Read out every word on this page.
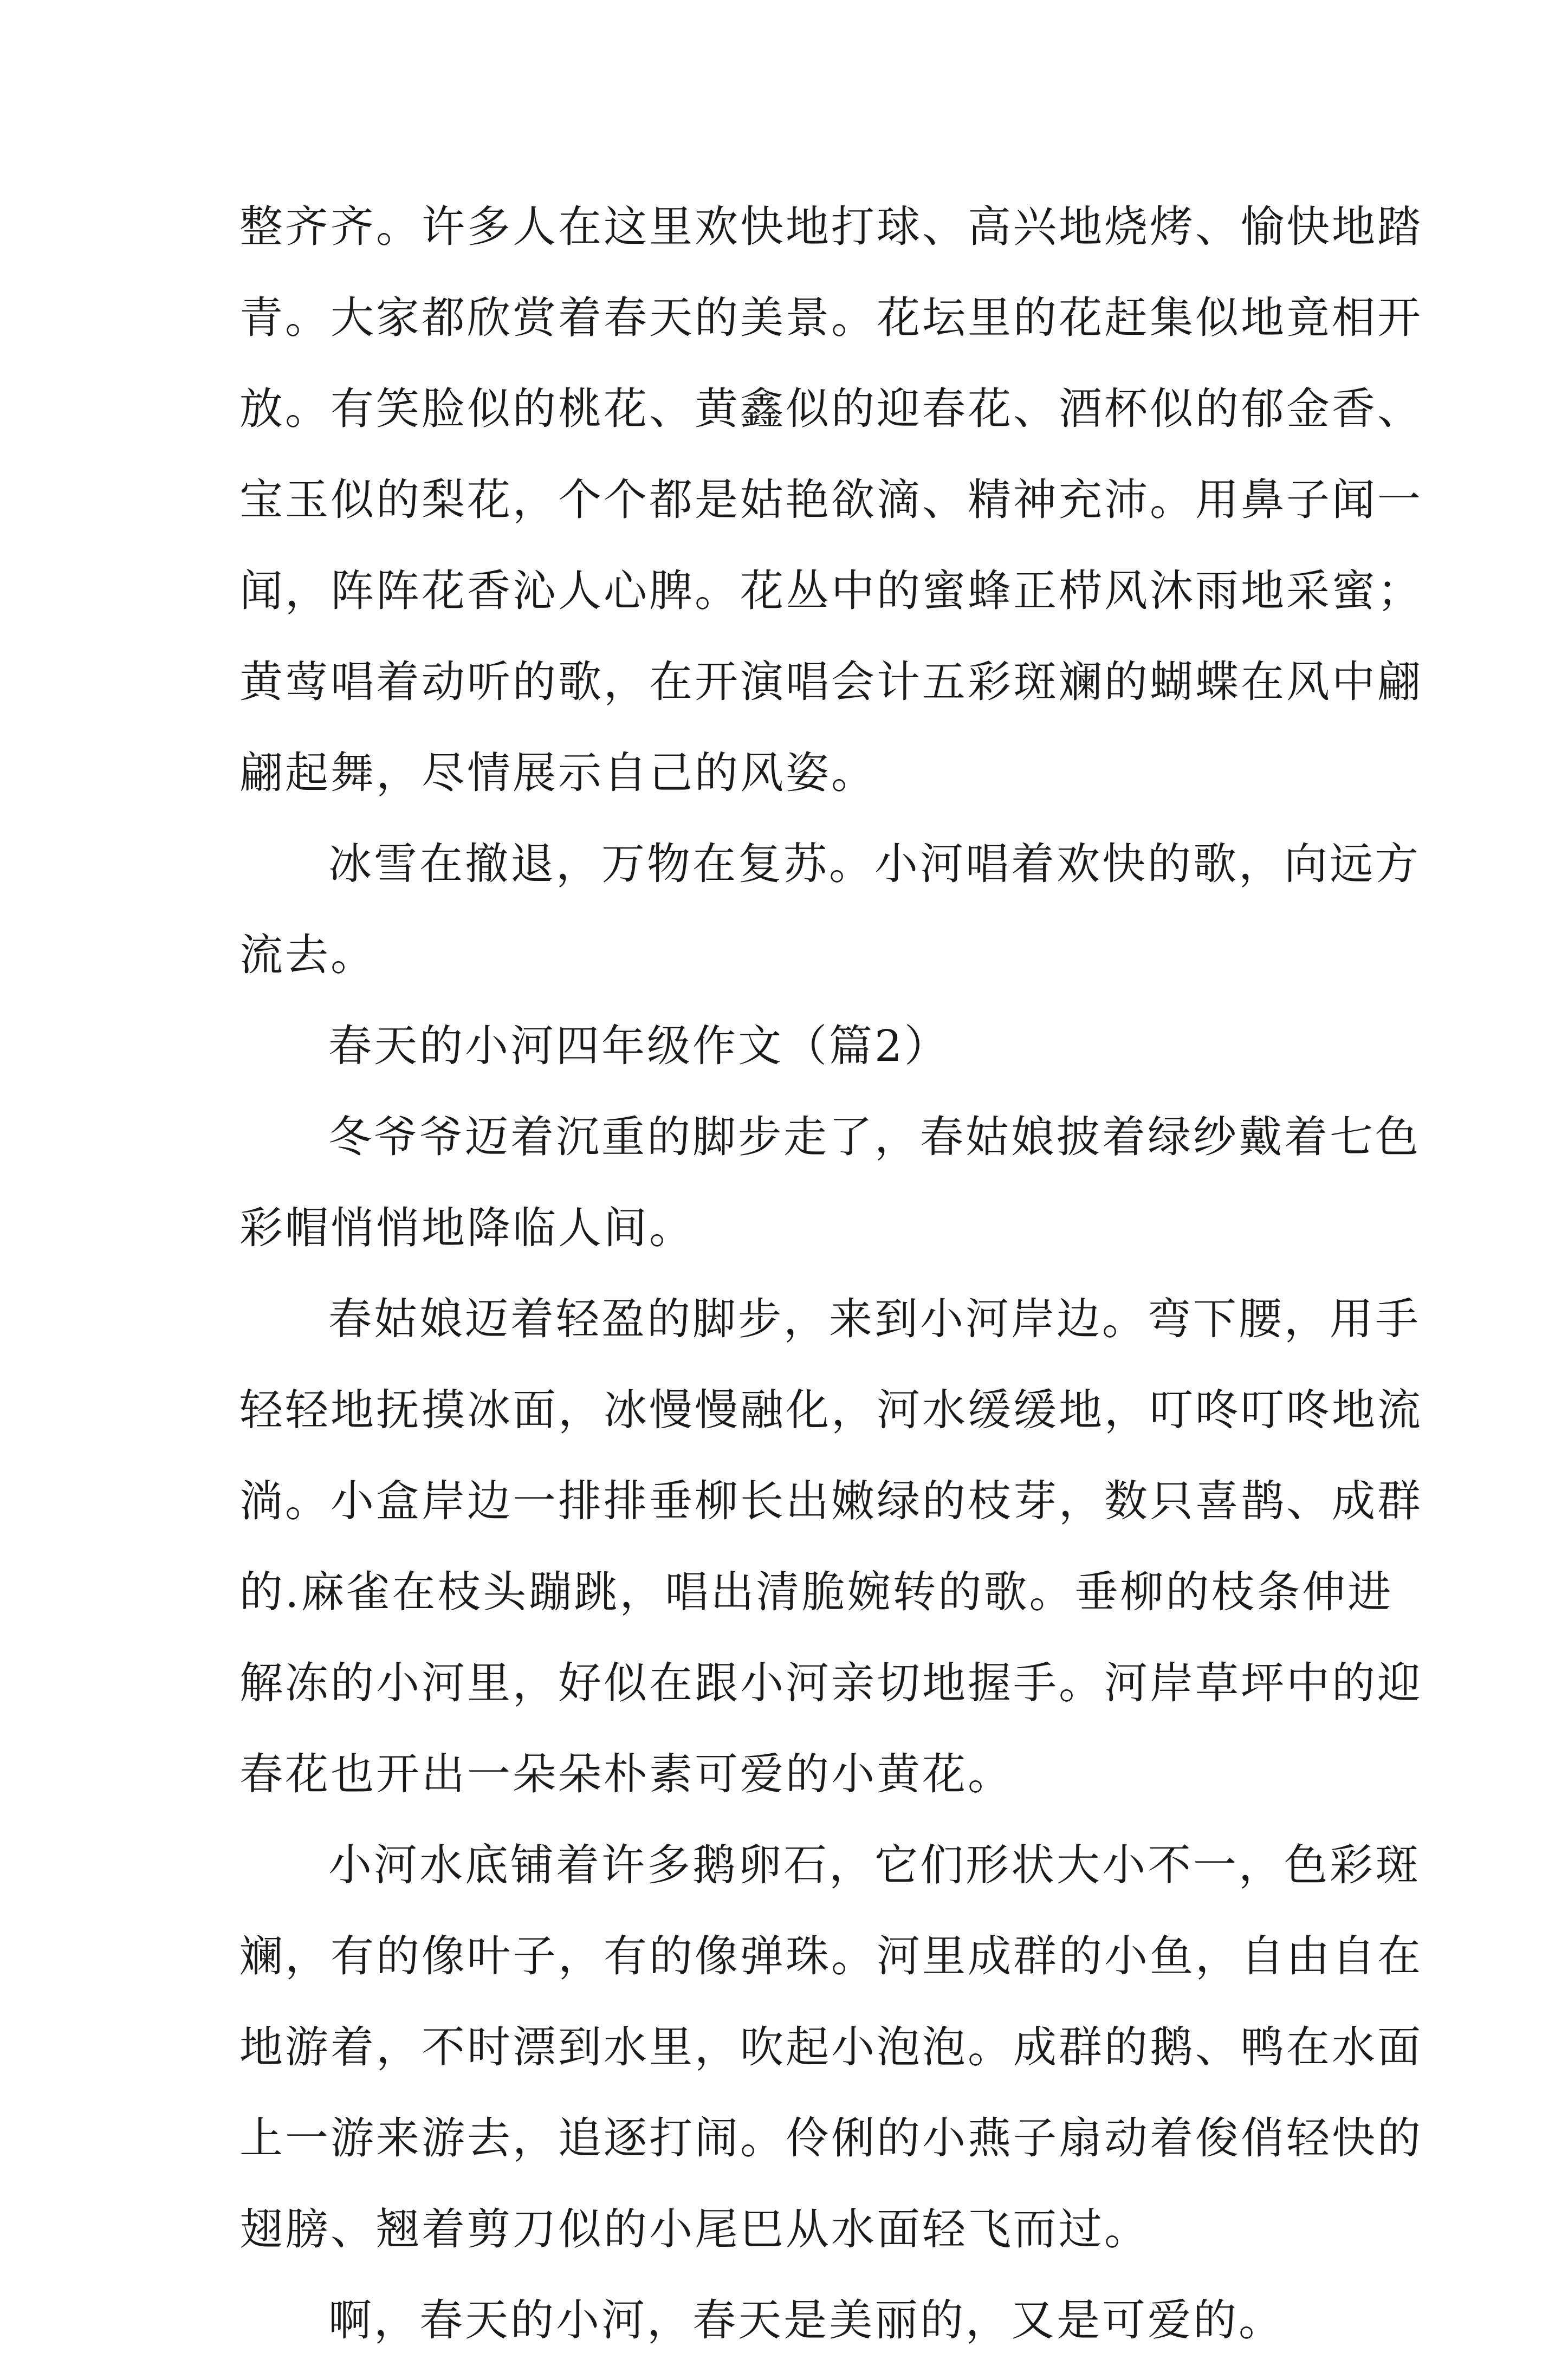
整齐齐。许多人在这里欢快地打球、高兴地烧烤、愉快地踏
青。大家都欣赏着春天的美景。花坛里的花赶集似地竟相开
放。有笑脸似的桃花、黄鑫似的迎春花、酒杯似的郁金香、
宝玉似的梨花，个个都是姑艳欲滴、精神充沛。用鼻子闻一
闻，阵阵花香沁人心脾。花丛中的蜜蜂正栉风沐雨地采蜜；
黄莺唱着动听的歌，在开演唱会计五彩斑斓的蝴蝶在风中翩
翩起舞，尽情展示自己的风姿。
冰雪在撤退，万物在复苏。小河唱着欢快的歌，向远方
流去。
春天的小河四年级作文（篇2）
冬爷爷迈着沉重的脚步走了，春姑娘披着绿纱戴着七色
彩帽悄悄地降临人间。
春姑娘迈着轻盈的脚步，来到小河岸边。弯下腰，用手
轻轻地抚摸冰面，冰慢慢融化，河水缓缓地，叮咚叮咚地流
淌。小盒岸边一排排垂柳长出嫩绿的枝芽，数只喜鹊、成群
的.麻雀在枝头蹦跳，唱出清脆婉转的歌。垂柳的枝条伸进
解冻的小河里，好似在跟小河亲切地握手。河岸草坪中的迎
春花也开出一朵朵朴素可爱的小黄花。
小河水底铺着许多鹅卵石，它们形状大小不一，色彩斑
斓，有的像叶子，有的像弹珠。河里成群的小鱼，自由自在
地游着，不时漂到水里，吹起小泡泡。成群的鹅、鸭在水面
上一游来游去，追逐打闹。伶俐的小燕子扇动着俊俏轻快的
翅膀、翘着剪刀似的小尾巴从水面轻飞而过。
啊，春天的小河，春天是美丽的，又是可爱的。
